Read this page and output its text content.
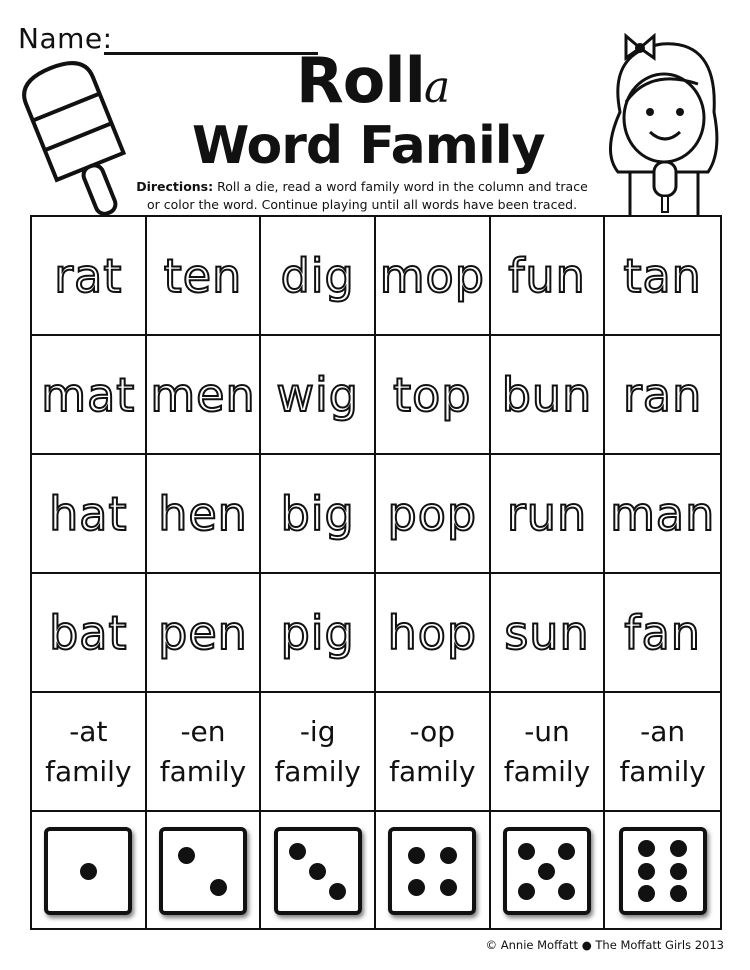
Name:
Roll a
Word Family
Directions: Roll a die, read a word family word in the column and trace or color the word. Continue playing until all words have been traced.
rat ten dig mop fun tan
mat men wig top bun ran
hat hen big pop run man
bat pen pig hop sun fan
-at
family
-en
family
-ig
family
-op
family
-un
family
-an
family
© Annie Moffatt ● The Moffatt Girls 2013
